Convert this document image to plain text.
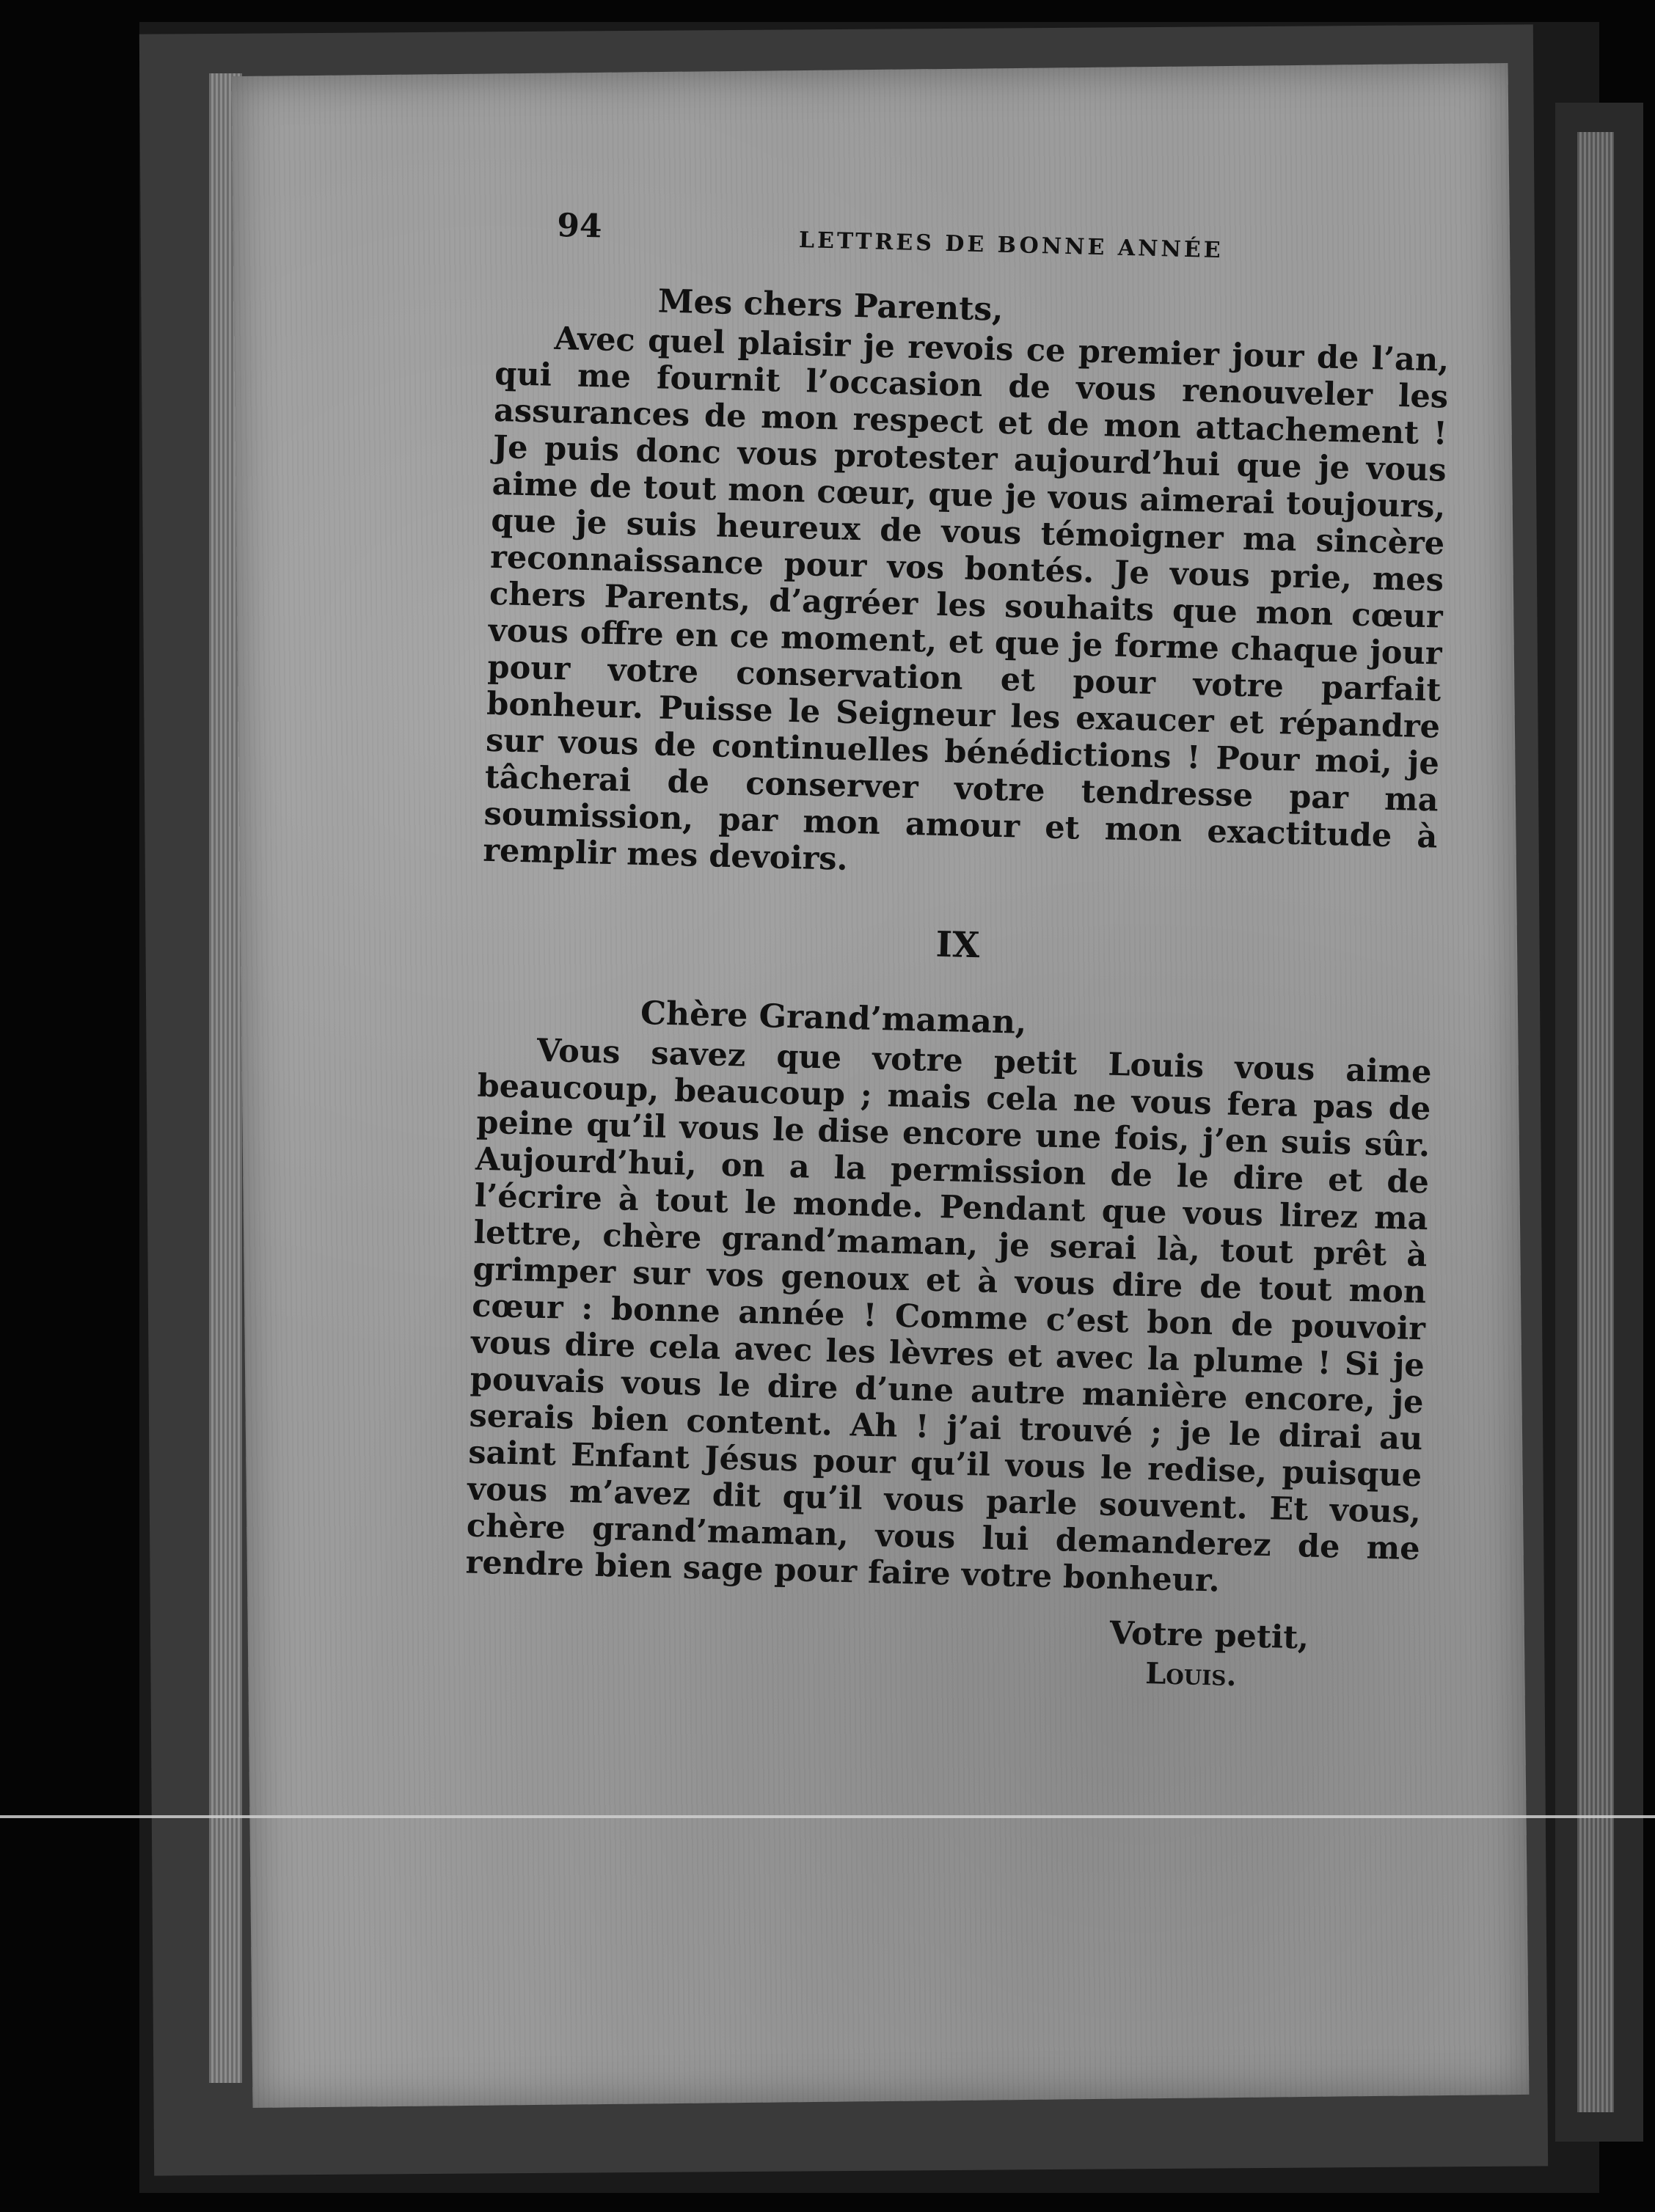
94
LETTRES DE BONNE ANNÉE
Mes chers Parents,

Avec quel plaisir je revois ce premier jour de l’an, qui me fournit l’occasion de vous renouveler les assurances de mon respect et de mon attachement ! Je puis donc vous protester aujourd’hui que je vous aime de tout mon cœur, que je vous aimerai toujours, que je suis heureux de vous témoigner ma sincère reconnaissance pour vos bontés. Je vous prie, mes chers Parents, d’agréer les souhaits que mon cœur vous offre en ce moment, et que je forme chaque jour pour votre conservation et pour votre parfait bonheur. Puisse le Seigneur les exaucer et répandre sur vous de continuelles bénédictions ! Pour moi, je tâcherai de conserver votre tendresse par ma soumission, par mon amour et mon exactitude à remplir mes devoirs.

IX
Chère Grand’maman,

Vous savez que votre petit Louis vous aime beaucoup, beaucoup ; mais cela ne vous fera pas de peine qu’il vous le dise encore une fois, j’en suis sûr. Aujourd’hui, on a la permission de le dire et de l’écrire à tout le monde. Pendant que vous lirez ma lettre, chère grand’maman, je serai là, tout prêt à grimper sur vos genoux et à vous dire de tout mon cœur : bonne année ! Comme c’est bon de pouvoir vous dire cela avec les lèvres et avec la plume ! Si je pouvais vous le dire d’une autre manière encore, je serais bien content. Ah ! j’ai trouvé ; je le dirai au saint Enfant Jésus pour qu’il vous le redise, puisque vous m’avez dit qu’il vous parle souvent. Et vous, chère grand’maman, vous lui demanderez de me rendre bien sage pour faire votre bonheur.

Votre petit,
Louis.
